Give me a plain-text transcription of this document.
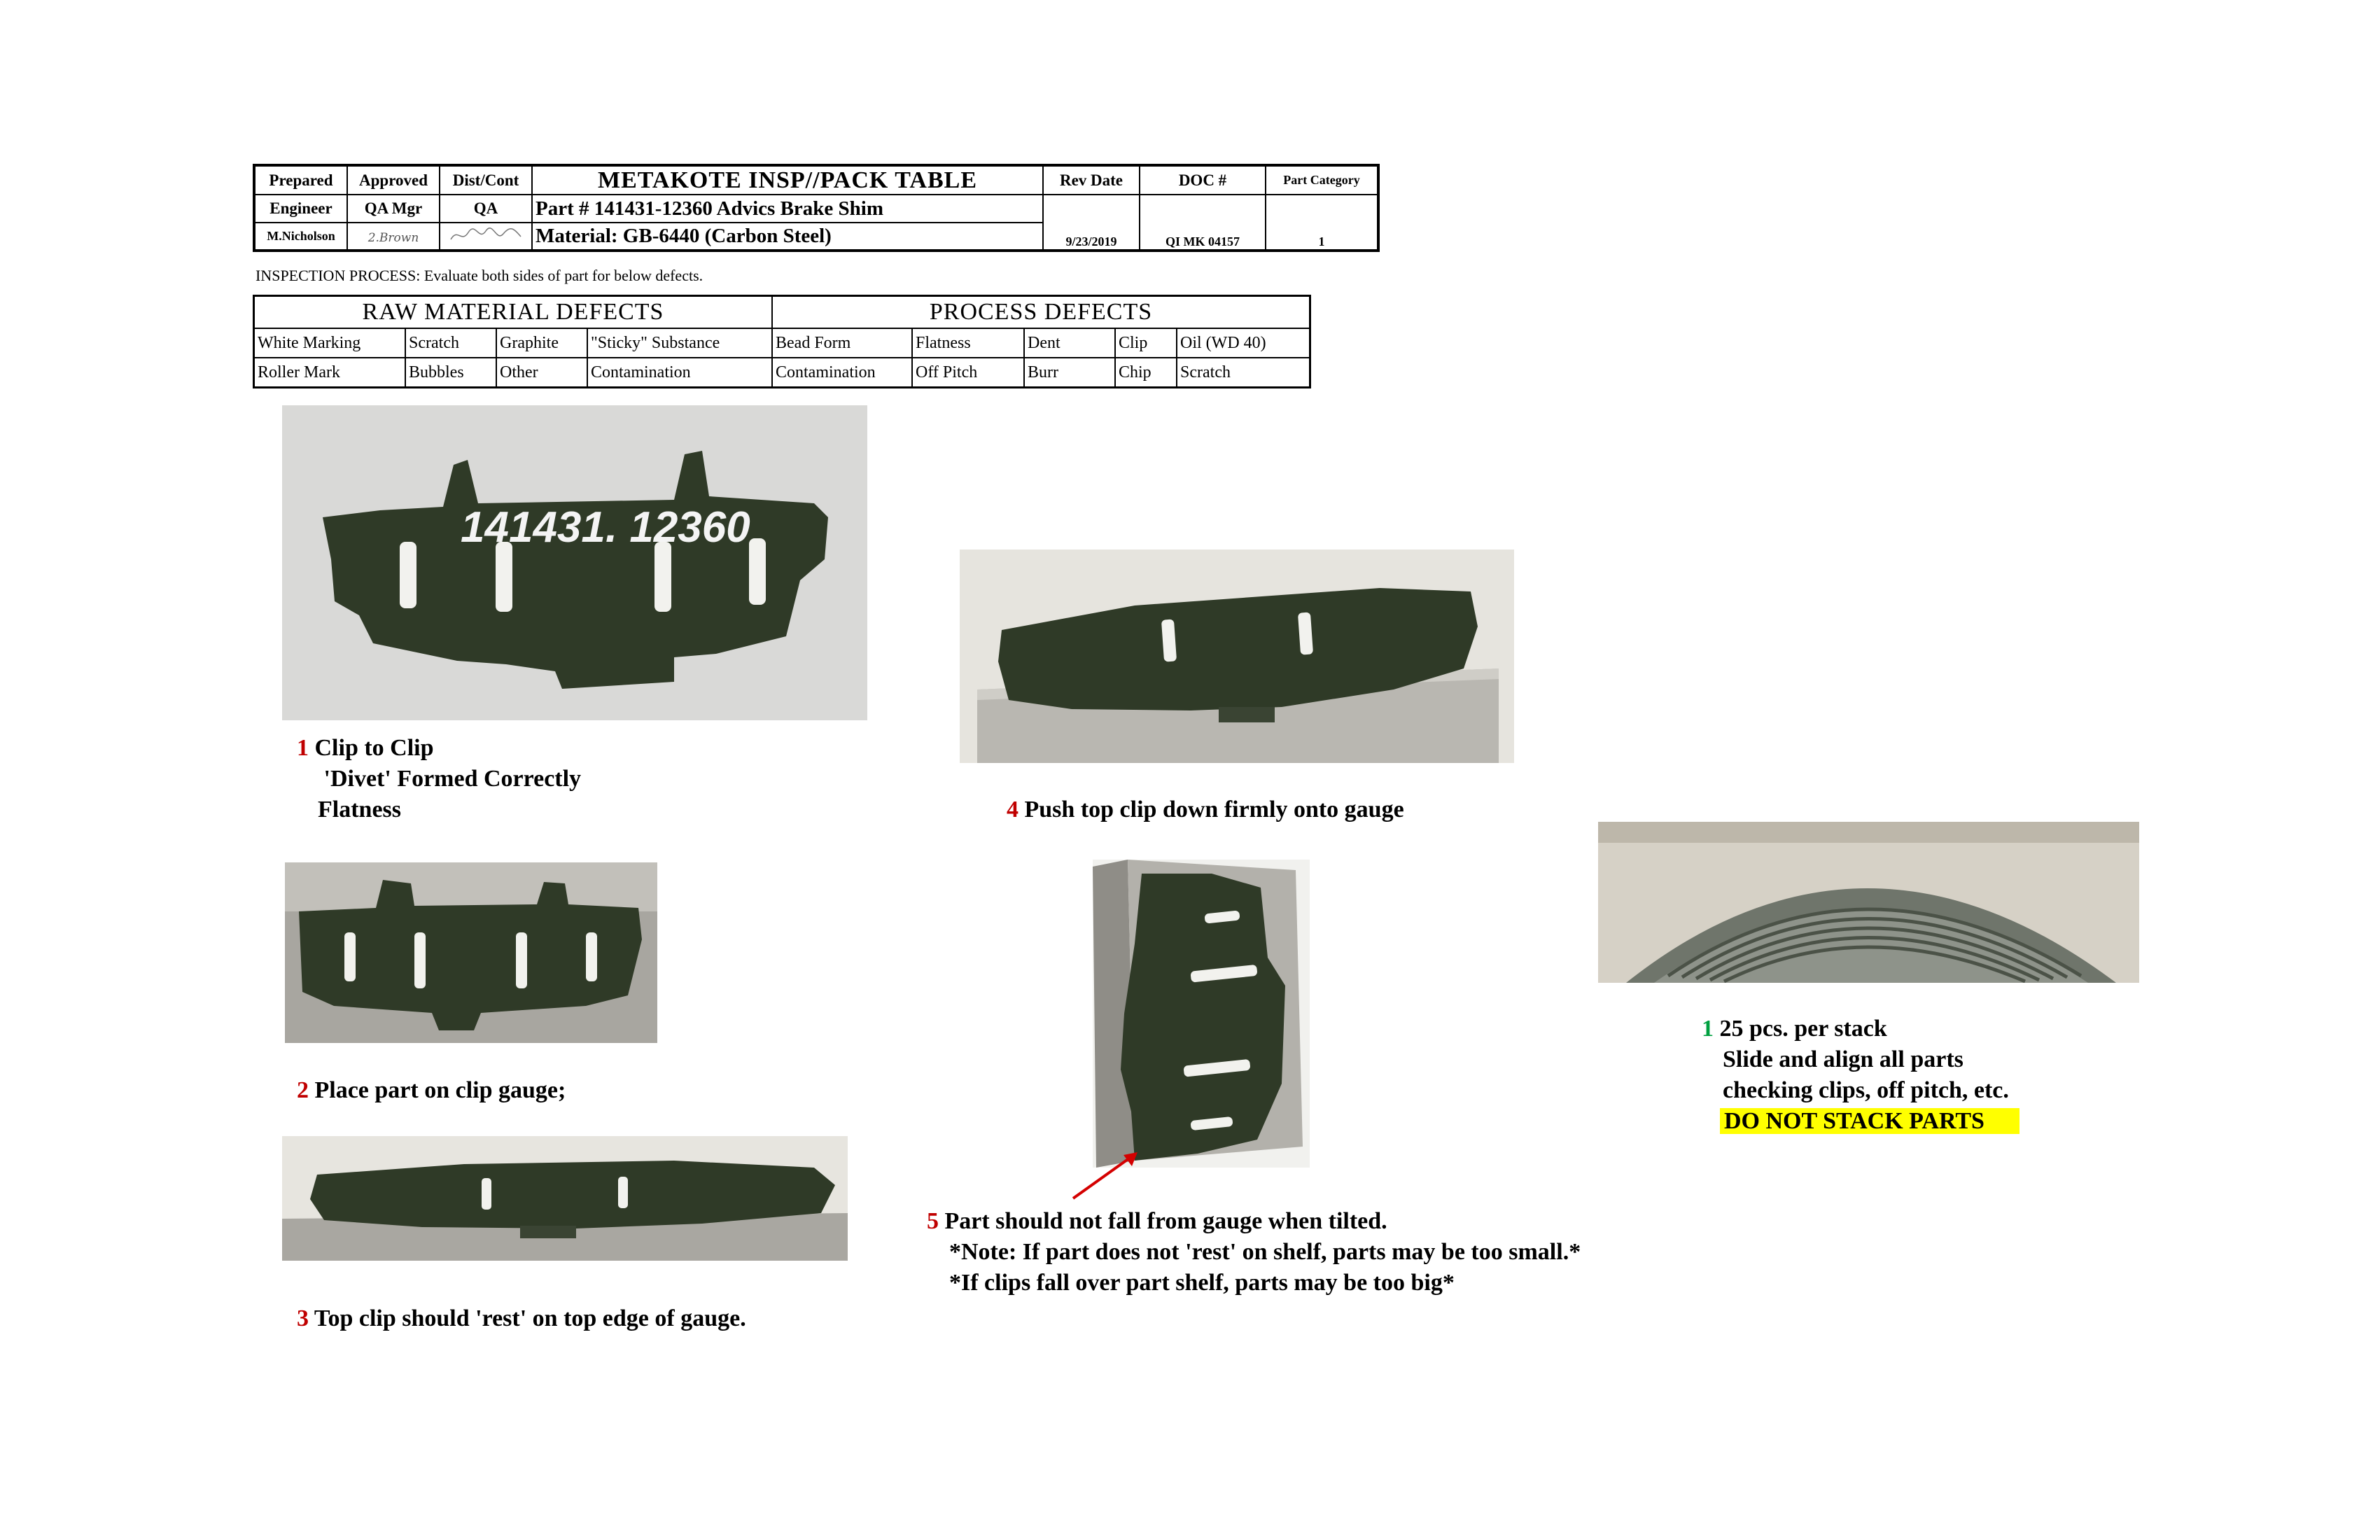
Prepared	Approved	Dist/Cont	METAKOTE INSP//PACK TABLE	Rev Date	DOC #	Part Category
Engineer	QA Mgr	QA	Part # 141431-12360 Advics Brake Shim	9/23/2019	QI MK 04157	1
M.Nicholson	2.Brown		Material: GB-6440 (Carbon Steel)			
INSPECTION PROCESS: Evaluate both sides of part for below defects.
RAW MATERIAL DEFECTS				PROCESS DEFECTS				
White Marking	Scratch	Graphite	"Sticky" Substance	Bead Form	Flatness	Dent	Clip	Oil (WD 40)
Roller Mark	Bubbles	Other	Contamination	Contamination	Off Pitch	Burr	Chip	Scratch
141431. 12360
1 Clip to Clip
'Divet' Formed Correctly
Flatness	4 Push top clip down firmly onto gauge
2 Place part on clip gauge;
3 Top clip should 'rest' on top edge of gauge.
5 Part should not fall from gauge when tilted.
*Note: If part does not 'rest' on shelf, parts may be too small.*
*If clips fall over part shelf, parts may be too big*
1 25 pcs. per stack
Slide and align all parts
checking clips, off pitch, etc.
DO NOT STACK PARTS
